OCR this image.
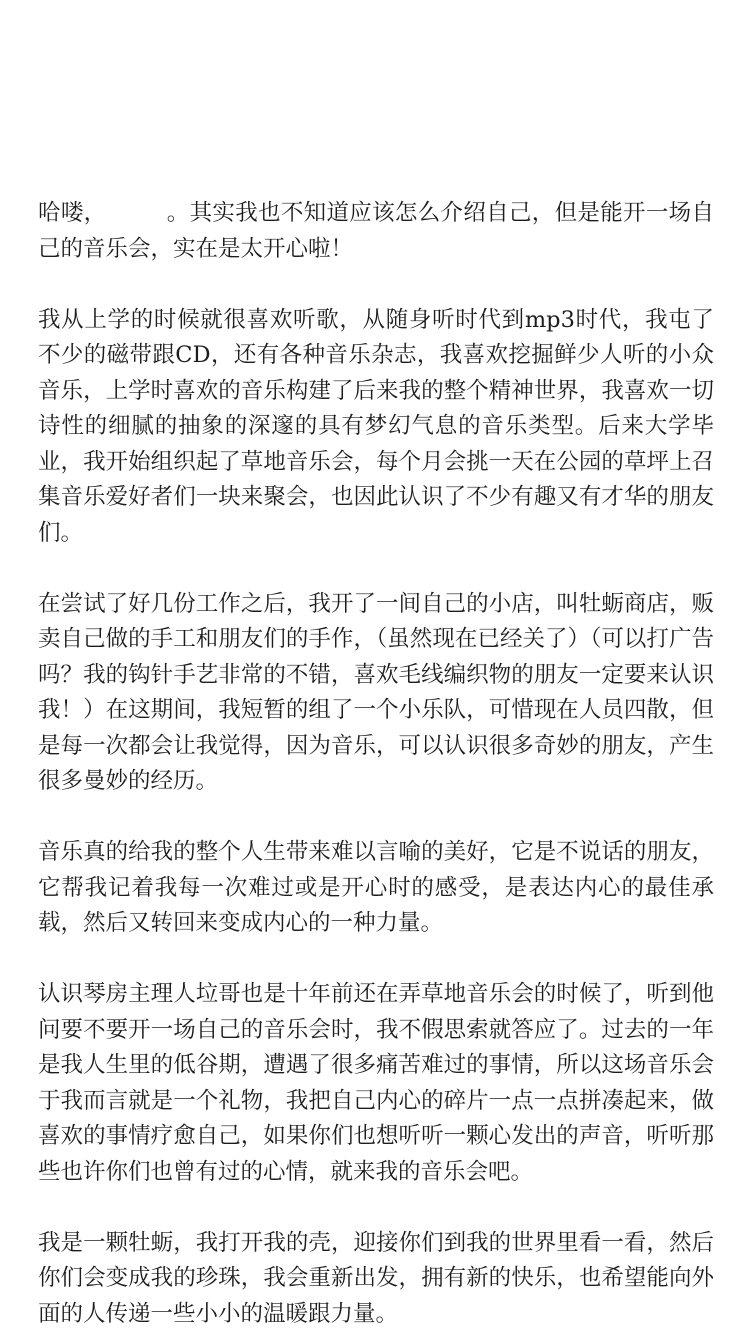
哈喽，	。其实我也不知道应该怎么介绍自己，但是能开一场自己的音乐会，实在是太开心啦！

我从上学的时候就很喜欢听歌，从随身听时代到mp3时代，我屯了不少的磁带跟CD，还有各种音乐杂志，我喜欢挖掘鲜少人听的小众音乐，上学时喜欢的音乐构建了后来我的整个精神世界，我喜欢一切诗性的细腻的抽象的深邃的具有梦幻气息的音乐类型。后来大学毕业，我开始组织起了草地音乐会，每个月会挑一天在公园的草坪上召集音乐爱好者们一块来聚会，也因此认识了不少有趣又有才华的朋友们。

在尝试了好几份工作之后，我开了一间自己的小店，叫牡蛎商店，贩卖自己做的手工和朋友们的手作，（虽然现在已经关了）（可以打广告吗？我的钩针手艺非常的不错，喜欢毛线编织物的朋友一定要来认识我！）在这期间，我短暂的组了一个小乐队，可惜现在人员四散，但是每一次都会让我觉得，因为音乐，可以认识很多奇妙的朋友，产生很多曼妙的经历。

音乐真的给我的整个人生带来难以言喻的美好，它是不说话的朋友，它帮我记着我每一次难过或是开心时的感受，是表达内心的最佳承载，然后又转回来变成内心的一种力量。

认识琴房主理人垃哥也是十年前还在弄草地音乐会的时候了，听到他问要不要开一场自己的音乐会时，我不假思索就答应了。过去的一年是我人生里的低谷期，遭遇了很多痛苦难过的事情，所以这场音乐会于我而言就是一个礼物，我把自己内心的碎片一点一点拼凑起来，做喜欢的事情疗愈自己，如果你们也想听听一颗心发出的声音，听听那些也许你们也曾有过的心情，就来我的音乐会吧。

我是一颗牡蛎，我打开我的壳，迎接你们到我的世界里看一看，然后你们会变成我的珍珠，我会重新出发，拥有新的快乐，也希望能向外面的人传递一些小小的温暖跟力量。
